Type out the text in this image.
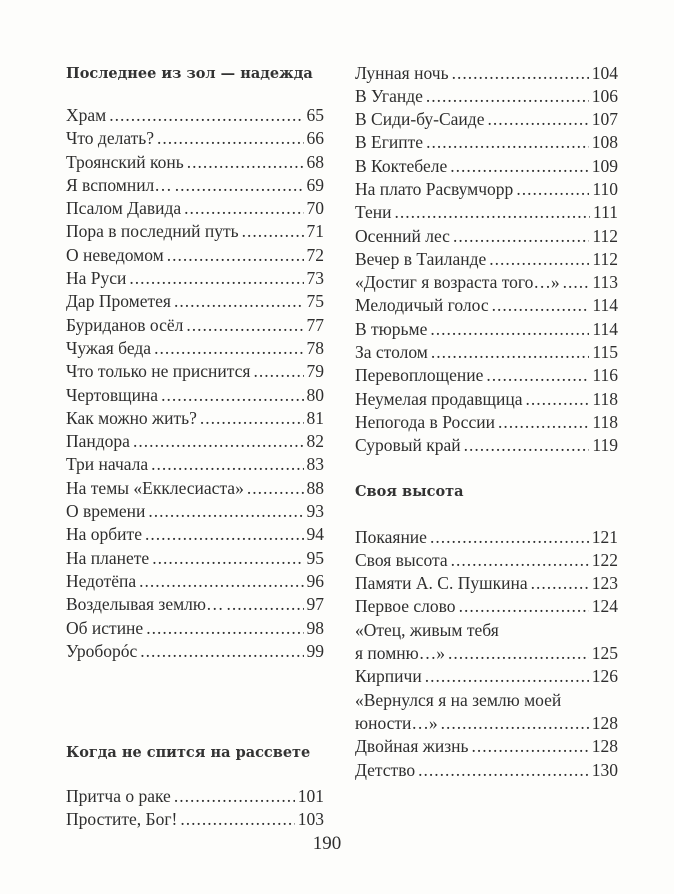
Последнее из зол — надежда
Храм .....	65
Что делать? .....	66
Троянский конь .....	68
Я вспомнил… .....	69
Псалом Давида .....	70
Пора в последний путь .....	71
О неведомом .....	72
На Руси .....	73
Дар Прометея .....	75
Буриданов осёл .....	77
Чужая беда .....	78
Что только не приснится .....	79
Чертовщина .....	80
Как можно жить? .....	81
Пандора .....	82
Три начала .....	83
На темы «Екклесиаста» .....	88
О времени .....	93
На орбите .....	94
На планете .....	95
Недотёпа .....	96
Возделывая землю… .....	97
Об истине .....	98
Уроборóс .....	99
Когда не спится на рассвете
Притча о раке .....	101
Простите, Бог! .....	103
Лунная ночь .....	104
В Уганде .....	106
В Сиди-бу-Саиде .....	107
В Египте .....	108
В Коктебеле .....	109
На плато Расвумчорр .....	110
Тени .....	111
Осенний лес .....	112
Вечер в Таиланде .....	112
«Достиг я возраста того…» ..... 113
Мелодичый голос .....	114
В тюрьме .....	114
За столом .....	115
Перевоплощение .....	116
Неумелая продавщица .....	118
Непогода в России .....	118
Суровый край .....	119
Своя высота
Покаяние .....	121
Своя высота .....	122
Памяти А. С. Пушкина .....	123
Первое слово .....	124
«Отец, живым тебя
я помню…» .....	125
Кирпичи .....	126
«Вернулся я на землю моей
юности…» .....	128
Двойная жизнь .....	128
Детство .....	130
190
